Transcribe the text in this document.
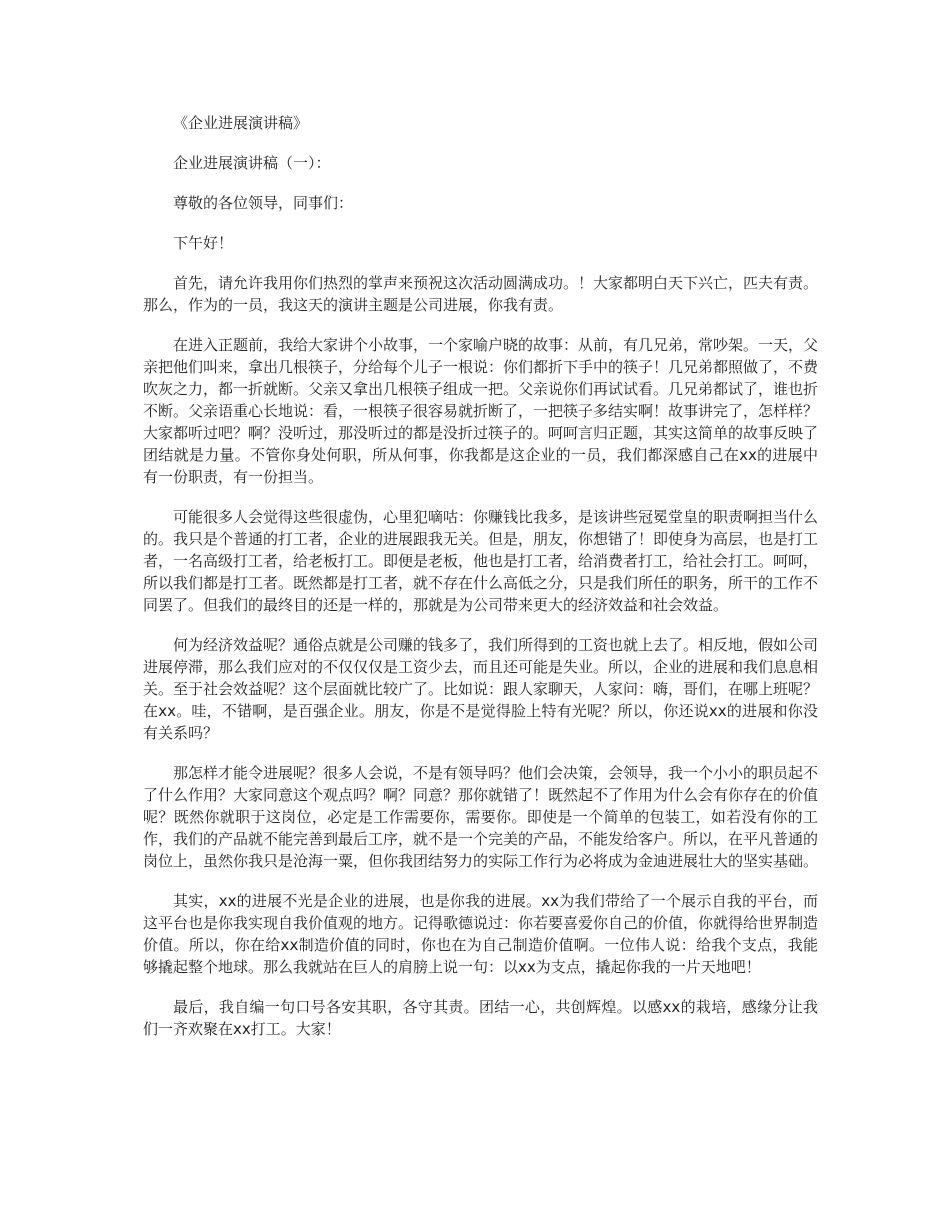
《企业进展演讲稿》

企业进展演讲稿（一）：

尊敬的各位领导，同事们：

下午好！

首先，请允许我用你们热烈的掌声来预祝这次活动圆满成功。！大家都明白天下兴亡，匹夫有责。那么，作为的一员，我这天的演讲主题是公司进展，你我有责。

在进入正题前，我给大家讲个小故事，一个家喻户晓的故事：从前，有几兄弟，常吵架。一天，父亲把他们叫来，拿出几根筷子，分给每个儿子一根说：你们都折下手中的筷子！几兄弟都照做了，不费吹灰之力，都一折就断。父亲又拿出几根筷子组成一把。父亲说你们再试试看。几兄弟都试了，谁也折不断。父亲语重心长地说：看，一根筷子很容易就折断了，一把筷子多结实啊！故事讲完了，怎样样？大家都听过吧？啊？没听过，那没听过的都是没折过筷子的。呵呵言归正题，其实这简单的故事反映了团结就是力量。不管你身处何职，所从何事，你我都是这企业的一员，我们都深感自己在xx的进展中有一份职责，有一份担当。

可能很多人会觉得这些很虚伪，心里犯嘀咕：你赚钱比我多，是该讲些冠冕堂皇的职责啊担当什么的。我只是个普通的打工者，企业的进展跟我无关。但是，朋友，你想错了！即使身为高层，也是打工者，一名高级打工者，给老板打工。即便是老板，他也是打工者，给消费者打工，给社会打工。呵呵，所以我们都是打工者。既然都是打工者，就不存在什么高低之分，只是我们所任的职务，所干的工作不同罢了。但我们的最终目的还是一样的，那就是为公司带来更大的经济效益和社会效益。

何为经济效益呢？通俗点就是公司赚的钱多了，我们所得到的工资也就上去了。相反地，假如公司进展停滞，那么我们应对的不仅仅仅是工资少去，而且还可能是失业。所以，企业的进展和我们息息相关。至于社会效益呢？这个层面就比较广了。比如说：跟人家聊天，人家问：嗨，哥们，在哪上班呢？在xx。哇，不错啊，是百强企业。朋友，你是不是觉得脸上特有光呢？所以，你还说xx的进展和你没有关系吗？

那怎样才能令进展呢？很多人会说，不是有领导吗？他们会决策，会领导，我一个小小的职员起不了什么作用？大家同意这个观点吗？啊？同意？那你就错了！既然起不了作用为什么会有你存在的价值呢？既然你就职于这岗位，必定是工作需要你，需要你。即使是一个简单的包装工，如若没有你的工作，我们的产品就不能完善到最后工序，就不是一个完美的产品，不能发给客户。所以，在平凡普通的岗位上，虽然你我只是沧海一粟，但你我团结努力的实际工作行为必将成为金迪进展壮大的坚实基础。

其实，xx的进展不光是企业的进展，也是你我的进展。xx为我们带给了一个展示自我的平台，而这平台也是你我实现自我价值观的地方。记得歌德说过：你若要喜爱你自己的价值，你就得给世界制造价值。所以，你在给xx制造价值的同时，你也在为自己制造价值啊。一位伟人说：给我个支点，我能够撬起整个地球。那么我就站在巨人的肩膀上说一句：以xx为支点，撬起你我的一片天地吧！

最后，我自编一句口号各安其职，各守其责。团结一心，共创辉煌。以感xx的栽培，感缘分让我们一齐欢聚在xx打工。大家！
